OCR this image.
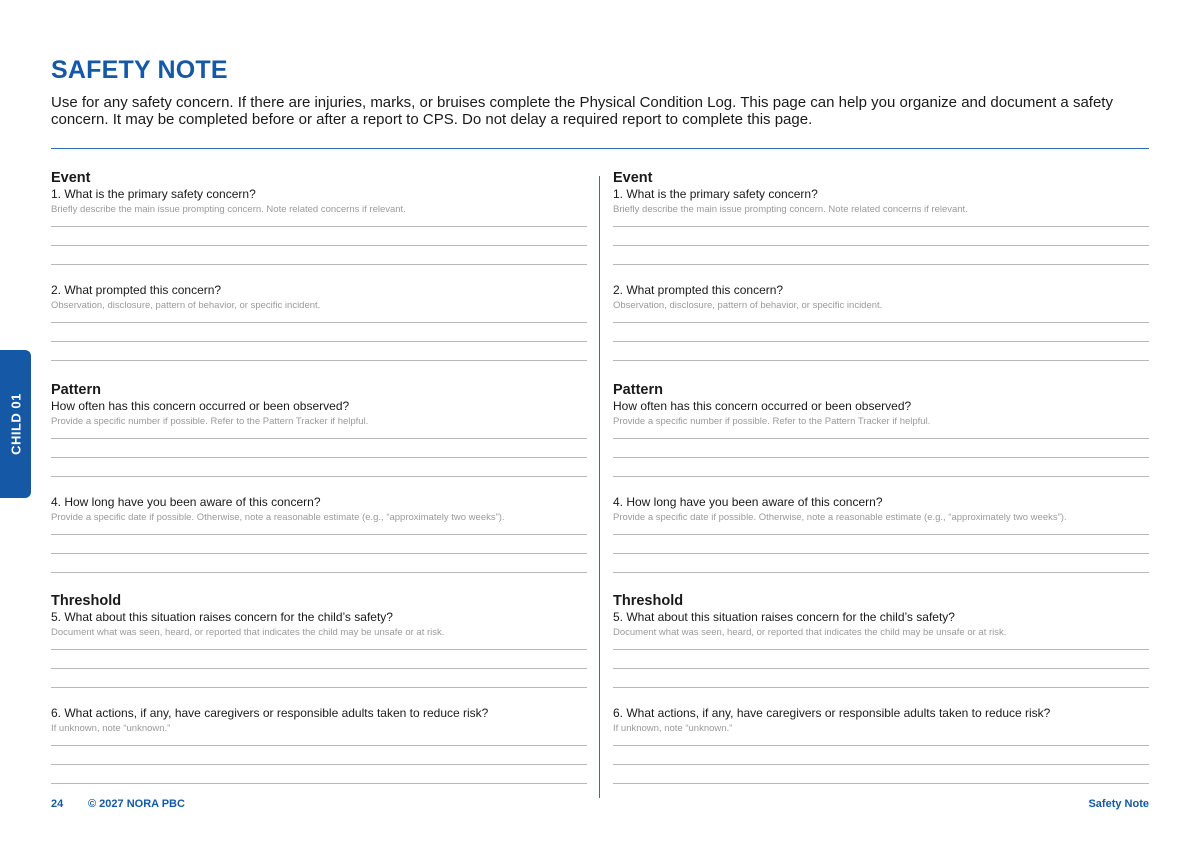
SAFETY NOTE
Use for any safety concern. If there are injuries, marks, or bruises complete the Physical Condition Log. This page can help you organize and document a safety concern. It may be completed before or after a report to CPS. Do not delay a required report to complete this page.
CHILD 01
Event
1. What is the primary safety concern?
Briefly describe the main issue prompting concern. Note related concerns if relevant.
2. What prompted this concern?
Observation, disclosure, pattern of behavior, or specific incident.
Pattern
How often has this concern occurred or been observed?
Provide a specific number if possible. Refer to the Pattern Tracker if helpful.
4. How long have you been aware of this concern?
Provide a specific date if possible. Otherwise, note a reasonable estimate (e.g., “approximately two weeks”).
Threshold
5. What about this situation raises concern for the child’s safety?
Document what was seen, heard, or reported that indicates the child may be unsafe or at risk.
6. What actions, if any, have caregivers or responsible adults taken to reduce risk?
If unknown, note “unknown.”
Event
1. What is the primary safety concern?
Briefly describe the main issue prompting concern. Note related concerns if relevant.
2. What prompted this concern?
Observation, disclosure, pattern of behavior, or specific incident.
Pattern
How often has this concern occurred or been observed?
Provide a specific number if possible. Refer to the Pattern Tracker if helpful.
4. How long have you been aware of this concern?
Provide a specific date if possible. Otherwise, note a reasonable estimate (e.g., “approximately two weeks”).
Threshold
5. What about this situation raises concern for the child’s safety?
Document what was seen, heard, or reported that indicates the child may be unsafe or at risk.
6. What actions, if any, have caregivers or responsible adults taken to reduce risk?
If unknown, note “unknown.”
24 © 2027 NORA PBC	Safety Note
